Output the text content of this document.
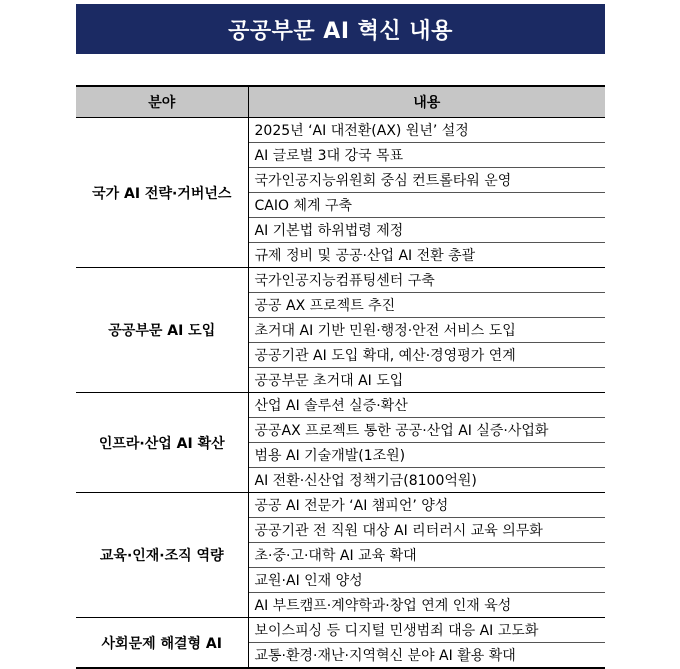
공공부문 AI 혁신 내용
분야	내용
국가 AI 전략·거버넌스	2025년 ‘AI 대전환(AX) 원년’ 설정
	AI 글로벌 3대 강국 목표
	국가인공지능위원회 중심 컨트롤타워 운영
	CAIO 체계 구축
	AI 기본법 하위법령 제정
	규제 정비 및 공공·산업 AI 전환 총괄
공공부문 AI 도입	국가인공지능컴퓨팅센터 구축
	공공 AX 프로젝트 추진
	초거대 AI 기반 민원·행정·안전 서비스 도입
	공공기관 AI 도입 확대, 예산·경영평가 연계
	공공부문 초거대 AI 도입
인프라·산업 AI 확산	산업 AI 솔루션 실증·확산
	공공AX 프로젝트 통한 공공·산업 AI 실증·사업화
	범용 AI 기술개발(1조원)
	AI 전환·신산업 정책기금(8100억원)
교육·인재·조직 역량	공공 AI 전문가 ‘AI 챔피언’ 양성
	공공기관 전 직원 대상 AI 리터러시 교육 의무화
	초·중·고·대학 AI 교육 확대
	교원·AI 인재 양성
	AI 부트캠프·계약학과·창업 연계 인재 육성
사회문제 해결형 AI	보이스피싱 등 디지털 민생범죄 대응 AI 고도화
	교통·환경·재난·지역혁신 분야 AI 활용 확대
